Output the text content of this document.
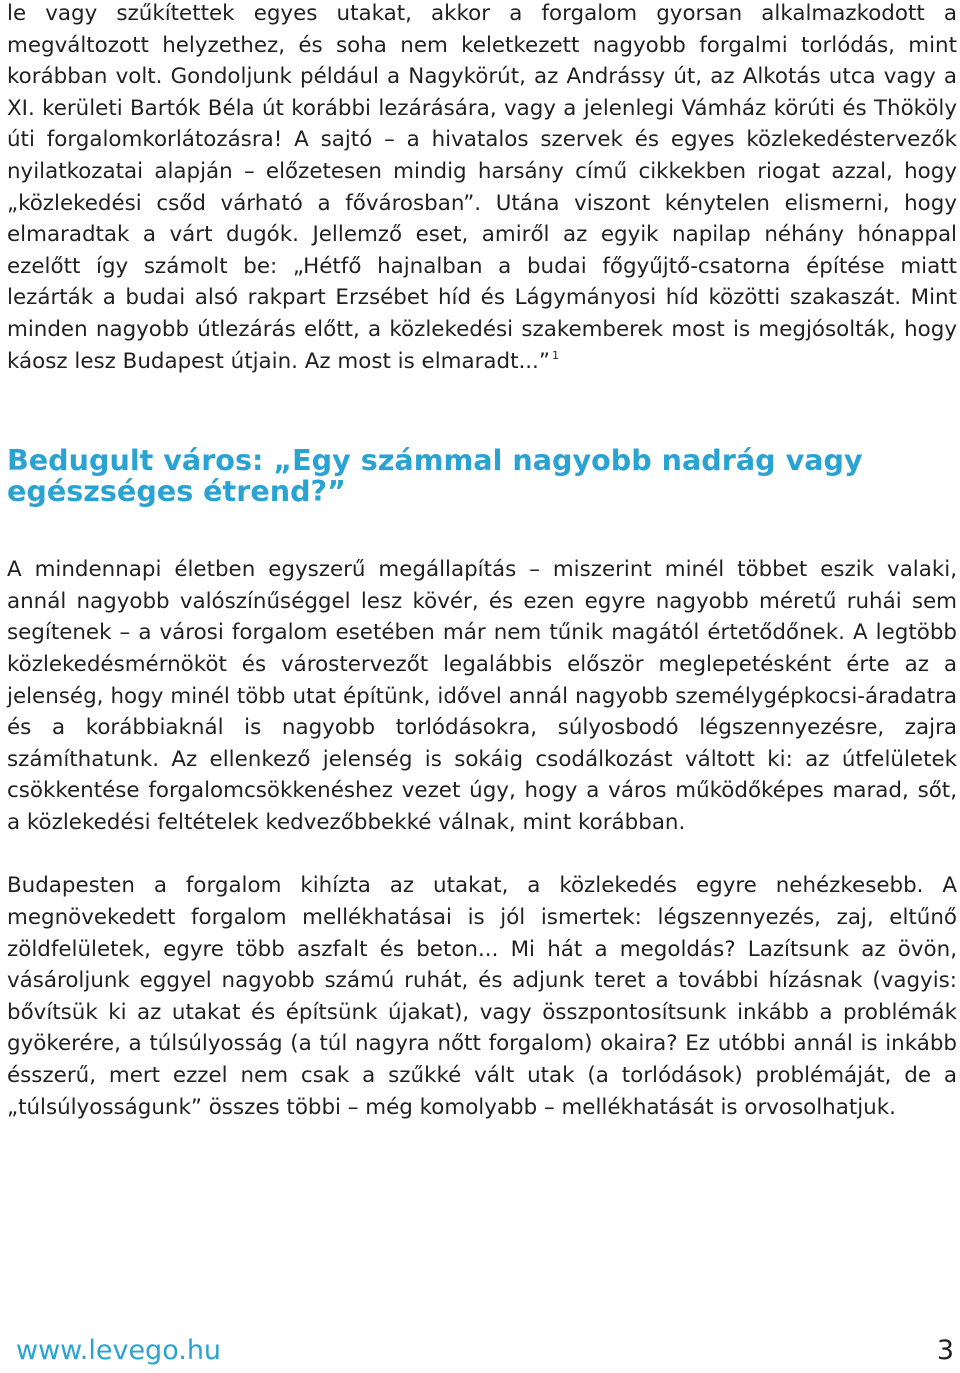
le vagy szűkítettek egyes utakat, akkor a forgalom gyorsan alkalmazkodott a megváltozott helyzethez, és soha nem keletkezett nagyobb forgalmi torlódás, mint korábban volt. Gondoljunk például a Nagykörút, az Andrássy út, az Alkotás utca vagy a XI. kerületi Bartók Béla út korábbi lezárására, vagy a jelenlegi Vámház körúti és Thököly úti forgalomkorlátozásra! A sajtó – a hivatalos szervek és egyes közlekedéstervezők nyilatkozatai alapján – előzetesen mindig harsány című cikkekben riogat azzal, hogy „közlekedési csőd várható a fővárosban”. Utána viszont kénytelen elismerni, hogy elmaradtak a várt dugók. Jellemző eset, amiről az egyik napilap néhány hónappal ezelőtt így számolt be: „Hétfő hajnalban a budai főgyűjtő-csatorna építése miatt lezárták a budai alsó rakpart Erzsébet híd és Lágymányosi híd közötti szakaszát. Mint minden nagyobb útlezárás előtt, a közlekedési szakemberek most is megjósolták, hogy káosz lesz Budapest útjain. Az most is elmaradt...” $^1$

Bedugult város: „Egy számmal nagyobb nadrág vagy egészséges étrend?”

A mindennapi életben egyszerű megállapítás – miszerint minél többet eszik valaki, annál nagyobb valószínűséggel lesz kövér, és ezen egyre nagyobb méretű ruhái sem segítenek – a városi forgalom esetében már nem tűnik magától értetődőnek. A legtöbb közlekedésmérnököt és várostervezőt legalábbis először meglepetésként érte az a jelenség, hogy minél több utat építünk, idővel annál nagyobb személygépkocsi-áradatra és a korábbiaknál is nagyobb torlódásokra, súlyosbodó légszennyezésre, zajra számíthatunk. Az ellenkező jelenség is sokáig csodálkozást váltott ki: az útfelületek csökkentése forgalomcsökkenéshez vezet úgy, hogy a város működőképes marad, sőt, a közlekedési feltételek kedvezőbbekké válnak, mint korábban.

Budapesten a forgalom kihízta az utakat, a közlekedés egyre nehézkesebb. A megnövekedett forgalom mellékhatásai is jól ismertek: légszennyezés, zaj, eltűnő zöldfelületek, egyre több aszfalt és beton... Mi hát a megoldás? Lazítsunk az övön, vásároljunk eggyel nagyobb számú ruhát, és adjunk teret a további hízásnak (vagyis: bővítsük ki az utakat és építsünk újakat), vagy összpontosítsunk inkább a problémák gyökerére, a túlsúlyosság (a túl nagyra nőtt forgalom) okaira? Ez utóbbi annál is inkább ésszerű, mert ezzel nem csak a szűkké vált utak (a torlódások) problémáját, de a „túlsúlyosságunk” összes többi – még komolyabb – mellékhatását is orvosolhatjuk.

www.levego.hu	3
